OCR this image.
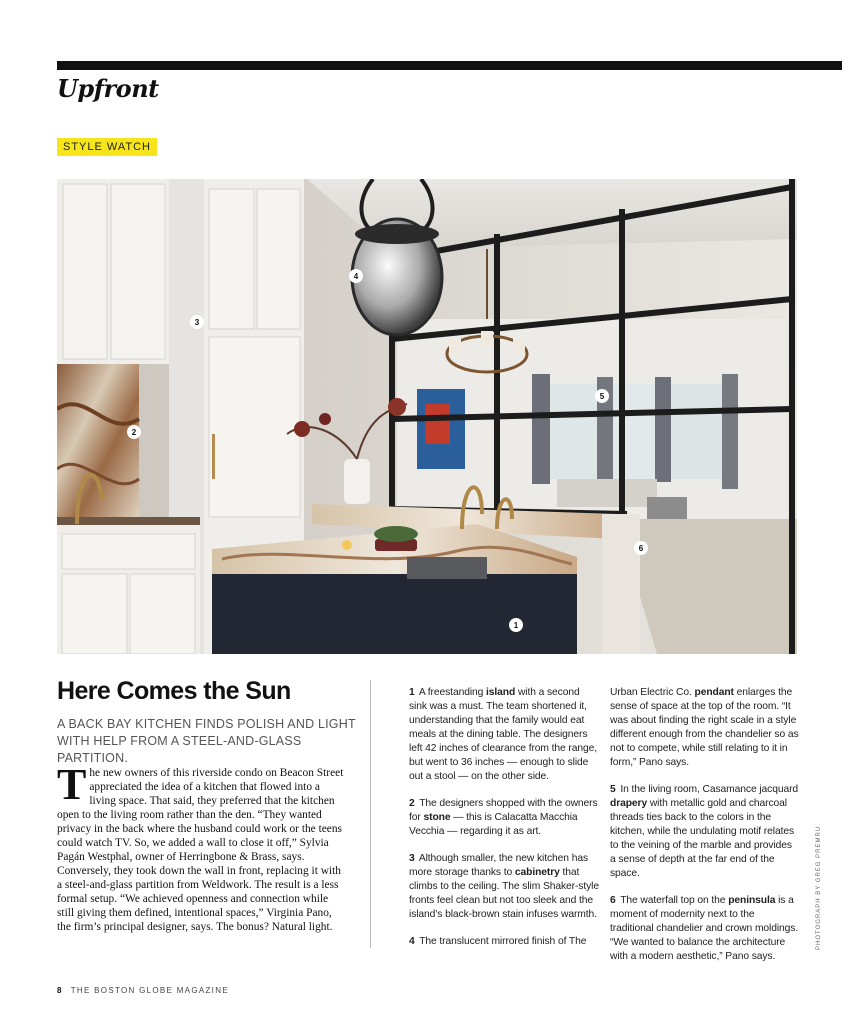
Upfront
STYLE WATCH
1
2
3
4
5
6
PHOTOGRAPH BY GREG PREMRU
Here Comes the Sun
A BACK BAY KITCHEN FINDS POLISH AND LIGHT WITH HELP FROM A STEEL-AND-GLASS PARTITION.
The new owners of this riverside condo on Beacon Street appreciated the idea of a kitchen that flowed into a living space. That said, they preferred that the kitchen open to the living room rather than the den. “They wanted privacy in the back where the husband could work or the teens could watch TV. So, we added a wall to close it off,” Sylvia Pagán Westphal, owner of Herringbone & Brass, says. Conversely, they took down the wall in front, replacing it with a steel-and-glass partition from Weldwork. The result is a less formal setup. “We achieved openness and connection while still giving them defined, intentional spaces,” Virginia Pano, the firm’s principal designer, says. The bonus? Natural light.

1 A freestanding island with a second sink was a must. The team shortened it, understanding that the family would eat meals at the dining table. The designers left 42 inches of clearance from the range, but went to 36 inches — enough to slide out a stool — on the other side.

2 The designers shopped with the owners for stone — this is Calacatta Macchia Vecchia — regarding it as art.

3 Although smaller, the new kitchen has more storage thanks to cabinetry that climbs to the ceiling. The slim Shaker-style fronts feel clean but not too sleek and the island’s black-brown stain infuses warmth.

4 The translucent mirrored finish of The

Urban Electric Co. pendant enlarges the sense of space at the top of the room. “It was about finding the right scale in a style different enough from the chandelier so as not to compete, while still relating to it in form,” Pano says.

5 In the living room, Casamance jacquard drapery with metallic gold and charcoal threads ties back to the colors in the kitchen, while the undulating motif relates to the veining of the marble and provides a sense of depth at the far end of the space.

6 The waterfall top on the peninsula is a moment of modernity next to the traditional chandelier and crown moldings. “We wanted to balance the architecture with a modern aesthetic,” Pano says.

8 THE BOSTON GLOBE MAGAZINE
